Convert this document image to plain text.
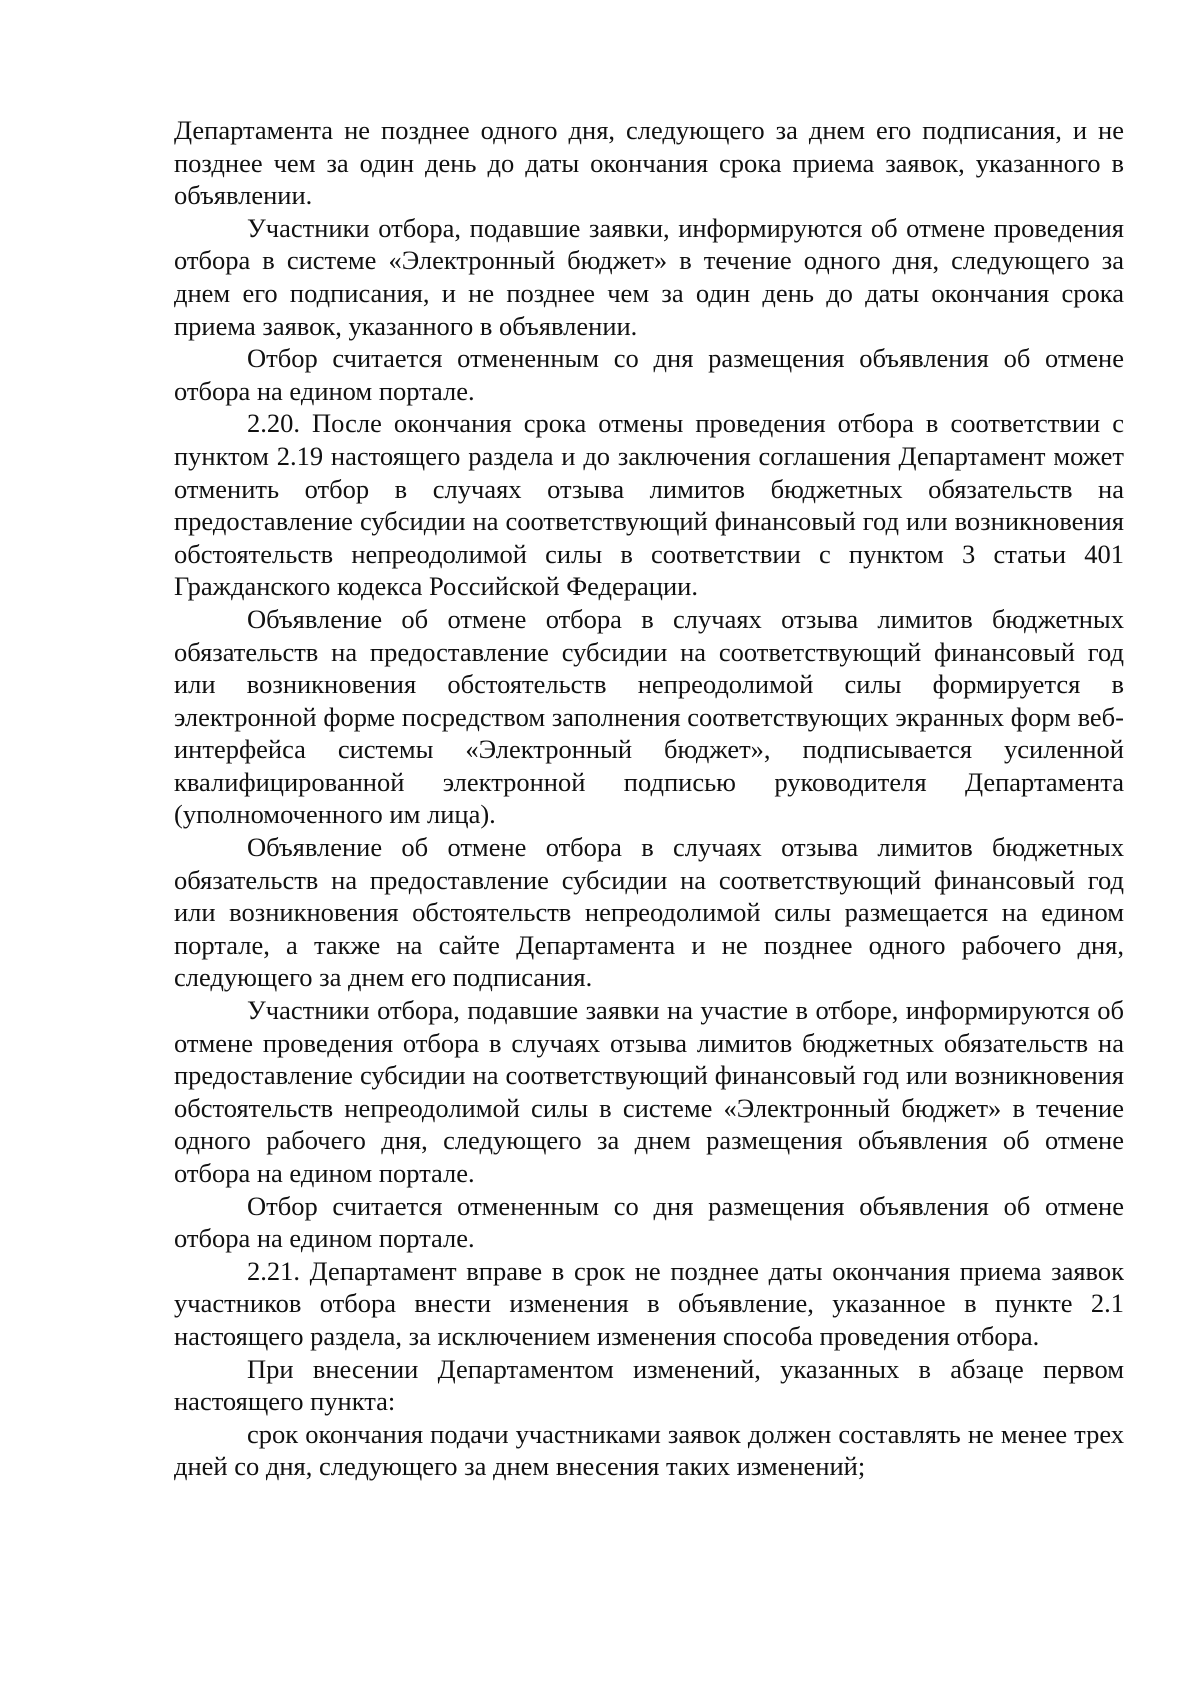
Департамента не позднее одного дня, следующего за днем его подписания, и не позднее чем за один день до даты окончания срока приема заявок, указанного в объявлении.

Участники отбора, подавшие заявки, информируются об отмене проведения отбора в системе «Электронный бюджет» в течение одного дня, следующего за днем его подписания, и не позднее чем за один день до даты окончания срока приема заявок, указанного в объявлении.

Отбор считается отмененным со дня размещения объявления об отмене отбора на едином портале.

2.20. После окончания срока отмены проведения отбора в соответствии с пунктом 2.19 настоящего раздела и до заключения соглашения Департамент может отменить отбор в случаях отзыва лимитов бюджетных обязательств на предоставление субсидии на соответствующий финансовый год или возникновения обстоятельств непреодолимой силы в соответствии с пунктом 3 статьи 401 Гражданского кодекса Российской Федерации.

Объявление об отмене отбора в случаях отзыва лимитов бюджетных обязательств на предоставление субсидии на соответствующий финансовый год или возникновения обстоятельств непреодолимой силы формируется в электронной форме посредством заполнения соответствующих экранных форм веб-интерфейса системы «Электронный бюджет», подписывается усиленной квалифицированной электронной подписью руководителя Департамента (уполномоченного им лица).

Объявление об отмене отбора в случаях отзыва лимитов бюджетных обязательств на предоставление субсидии на соответствующий финансовый год или возникновения обстоятельств непреодолимой силы размещается на едином портале, а также на сайте Департамента и не позднее одного рабочего дня, следующего за днем его подписания.

Участники отбора, подавшие заявки на участие в отборе, информируются об отмене проведения отбора в случаях отзыва лимитов бюджетных обязательств на предоставление субсидии на соответствующий финансовый год или возникновения обстоятельств непреодолимой силы в системе «Электронный бюджет» в течение одного рабочего дня, следующего за днем размещения объявления об отмене отбора на едином портале.

Отбор считается отмененным со дня размещения объявления об отмене отбора на едином портале.

2.21. Департамент вправе в срок не позднее даты окончания приема заявок участников отбора внести изменения в объявление, указанное в пункте 2.1 настоящего раздела, за исключением изменения способа проведения отбора.

При внесении Департаментом изменений, указанных в абзаце первом настоящего пункта:

срок окончания подачи участниками заявок должен составлять не менее трех дней со дня, следующего за днем внесения таких изменений;
